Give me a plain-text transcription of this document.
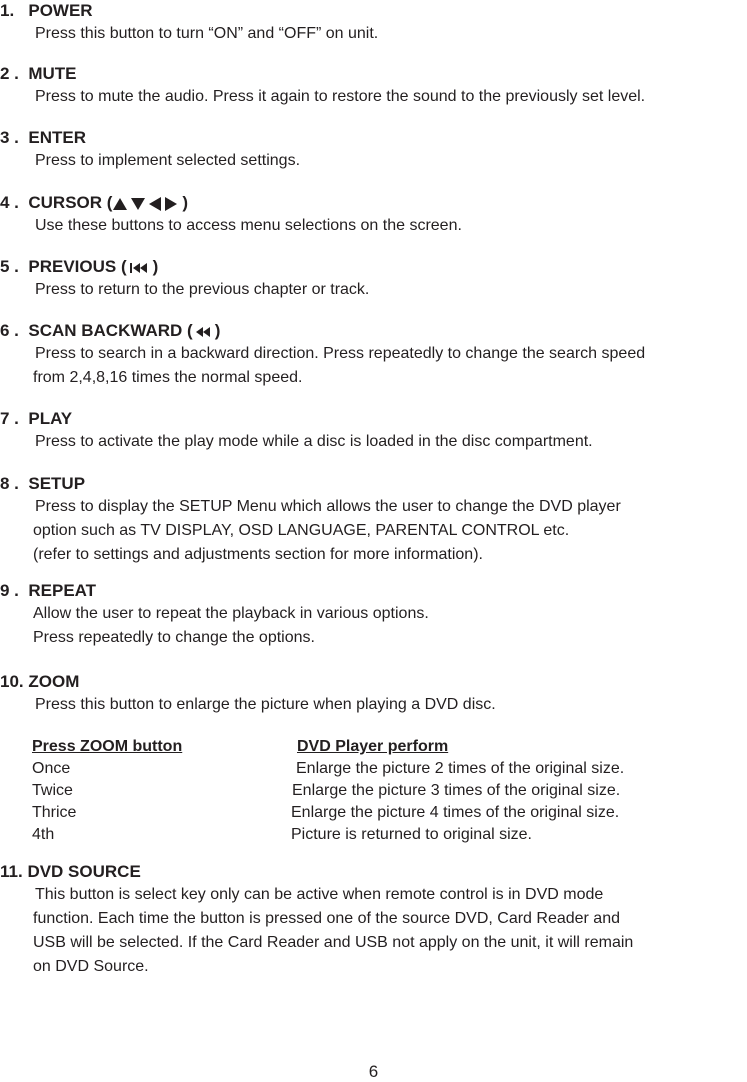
1. POWER

Press this button to turn “ON” and “OFF” on unit.

2 . MUTE

Press to mute the audio. Press it again to restore the sound to the previously set level.

3 . ENTER

Press to implement selected settings.

4 . CURSOR (	)

Use these buttons to access menu selections on the screen.

5 . PREVIOUS ( )

Press to return to the previous chapter or track.

6 . SCAN BACKWARD ( )

Press to search in a backward direction. Press repeatedly to change the search speed
from 2,4,8,16 times the normal speed.

7 . PLAY

Press to activate the play mode while a disc is loaded in the disc compartment.

8 . SETUP

Press to display the SETUP Menu which allows the user to change the DVD player
option such as TV DISPLAY, OSD LANGUAGE, PARENTAL CONTROL etc.
(refer to settings and adjustments section for more information).

9 . REPEAT

Allow the user to repeat the playback in various options.
Press repeatedly to change the options.

10. ZOOM

Press this button to enlarge the picture when playing a DVD disc.

Press ZOOM button	DVD Player perform
Once	Enlarge the picture 2 times of the original size.
Twice	Enlarge the picture 3 times of the original size.
Thrice	Enlarge the picture 4 times of the original size.
4th	Picture is returned to original size.

11. DVD SOURCE

This button is select key only can be active when remote control is in DVD mode
function. Each time the button is pressed one of the source DVD, Card Reader and
USB will be selected. If the Card Reader and USB not apply on the unit, it will remain
on DVD Source.

6
